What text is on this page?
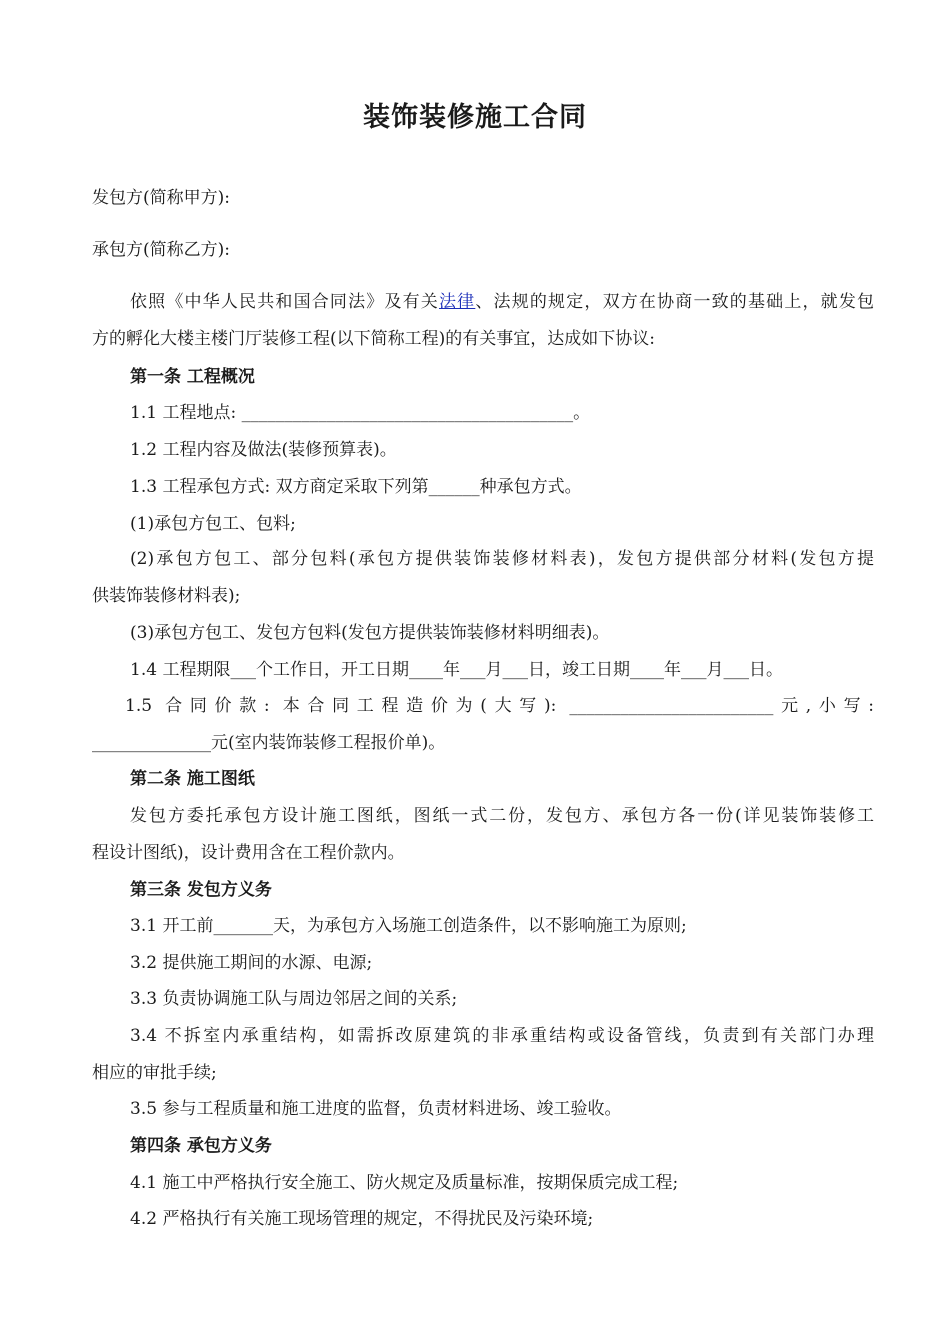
装饰装修施工合同
发包方(简称甲方):
承包方(简称乙方):
依照《中华人民共和国合同法》及有关法律、法规的规定，双方在协商一致的基础上，就发包
方的孵化大楼主楼门厅装修工程(以下简称工程)的有关事宜，达成如下协议:
第一条 工程概况
1.1 工程地点: _______________________________________。
1.2 工程内容及做法(装修预算表)。
1.3 工程承包方式: 双方商定采取下列第______种承包方式。
(1)承包方包工、包料;
(2)承包方包工、部分包料(承包方提供装饰装修材料表)，发包方提供部分材料(发包方提
供装饰装修材料表);
(3)承包方包工、发包方包料(发包方提供装饰装修材料明细表)。
1.4 工程期限___个工作日，开工日期____年___月___日，竣工日期____年___月___日。
1.5 合同价款: 本合同工程造价为(大写): ________________________元,小写:
______________元(室内装饰装修工程报价单)。
第二条 施工图纸
发包方委托承包方设计施工图纸，图纸一式二份，发包方、承包方各一份(详见装饰装修工
程设计图纸)，设计费用含在工程价款内。
第三条 发包方义务
3.1 开工前_______天，为承包方入场施工创造条件，以不影响施工为原则;
3.2 提供施工期间的水源、电源;
3.3 负责协调施工队与周边邻居之间的关系;
3.4 不拆室内承重结构，如需拆改原建筑的非承重结构或设备管线，负责到有关部门办理
相应的审批手续;
3.5 参与工程质量和施工进度的监督，负责材料进场、竣工验收。
第四条 承包方义务
4.1 施工中严格执行安全施工、防火规定及质量标准，按期保质完成工程;
4.2 严格执行有关施工现场管理的规定，不得扰民及污染环境;
